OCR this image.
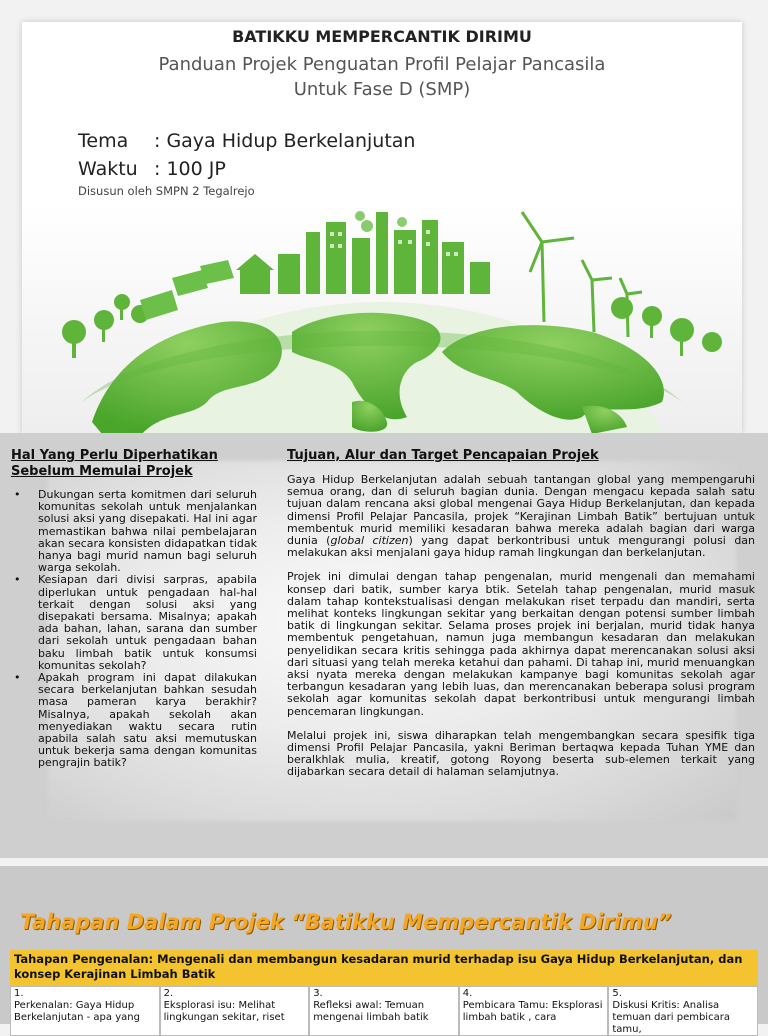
BATIKKU MEMPERCANTIK DIRIMU
Panduan Projek Penguatan Profil Pelajar Pancasila
Untuk Fase D (SMP)
Tema : Gaya Hidup Berkelanjutan
Waktu : 100 JP
Disusun oleh SMPN 2 Tegalrejo
Hal Yang Perlu Diperhatikan Sebelum Memulai Projek
• Dukungan serta komitmen dari seluruh komunitas sekolah untuk menjalankan solusi aksi yang disepakati. Hal ini agar memastikan bahwa nilai pembelajaran akan secara konsisten didapatkan tidak hanya bagi murid namun bagi seluruh warga sekolah.
• Kesiapan dari divisi sarpras, apabila diperlukan untuk pengadaan hal-hal terkait dengan solusi aksi yang disepakati bersama. Misalnya; apakah ada bahan, lahan, sarana dan sumber dari sekolah untuk pengadaan bahan baku limbah batik untuk konsumsi komunitas sekolah?
• Apakah program ini dapat dilakukan secara berkelanjutan bahkan sesudah masa pameran karya berakhir? Misalnya, apakah sekolah akan menyediakan waktu secara rutin apabila salah satu aksi memutuskan untuk bekerja sama dengan komunitas pengrajin batik?
Tujuan, Alur dan Target Pencapaian Projek

Gaya Hidup Berkelanjutan adalah sebuah tantangan global yang mempengaruhi semua orang, dan di seluruh bagian dunia. Dengan mengacu kepada salah satu tujuan dalam rencana aksi global mengenai Gaya Hidup Berkelanjutan, dan kepada dimensi Profil Pelajar Pancasila, projek “Kerajinan Limbah Batik” bertujuan untuk membentuk murid memiliki kesadaran bahwa mereka adalah bagian dari warga dunia (global citizen) yang dapat berkontribusi untuk mengurangi polusi dan melakukan aksi menjalani gaya hidup ramah lingkungan dan berkelanjutan.

Projek ini dimulai dengan tahap pengenalan, murid mengenali dan memahami konsep dari batik, sumber karya btik. Setelah tahap pengenalan, murid masuk dalam tahap kontekstualisasi dengan melakukan riset terpadu dan mandiri, serta melihat konteks lingkungan sekitar yang berkaitan dengan potensi sumber limbah batik di lingkungan sekitar. Selama proses projek ini berjalan, murid tidak hanya membentuk pengetahuan, namun juga membangun kesadaran dan melakukan penyelidikan secara kritis sehingga pada akhirnya dapat merencanakan solusi aksi dari situasi yang telah mereka ketahui dan pahami. Di tahap ini, murid menuangkan aksi nyata mereka dengan melakukan kampanye bagi komunitas sekolah agar terbangun kesadaran yang lebih luas, dan merencanakan beberapa solusi program sekolah agar komunitas sekolah dapat berkontribusi untuk mengurangi limbah pencemaran lingkungan.

Melalui projek ini, siswa diharapkan telah mengembangkan secara spesifik tiga dimensi Profil Pelajar Pancasila, yakni Beriman bertaqwa kepada Tuhan YME dan beralkhlak mulia, kreatif, gotong Royong beserta sub-elemen terkait yang dijabarkan secara detail di halaman selamjutnya.

Tahapan Dalam Projek “Batikku Mempercantik Dirimu”
Tahapan Pengenalan: Mengenali dan membangun kesadaran murid terhadap isu Gaya Hidup Berkelanjutan, dan konsep Kerajinan Limbah Batik
1.
Perkenalan: Gaya Hidup Berkelanjutan - apa yang
2.
Eksplorasi isu: Melihat lingkungan sekitar, riset
3.
Refleksi awal: Temuan mengenai limbah batik
4.
Pembicara Tamu: Eksplorasi limbah batik , cara
5.
Diskusi Kritis: Analisa temuan dari pembicara tamu,
